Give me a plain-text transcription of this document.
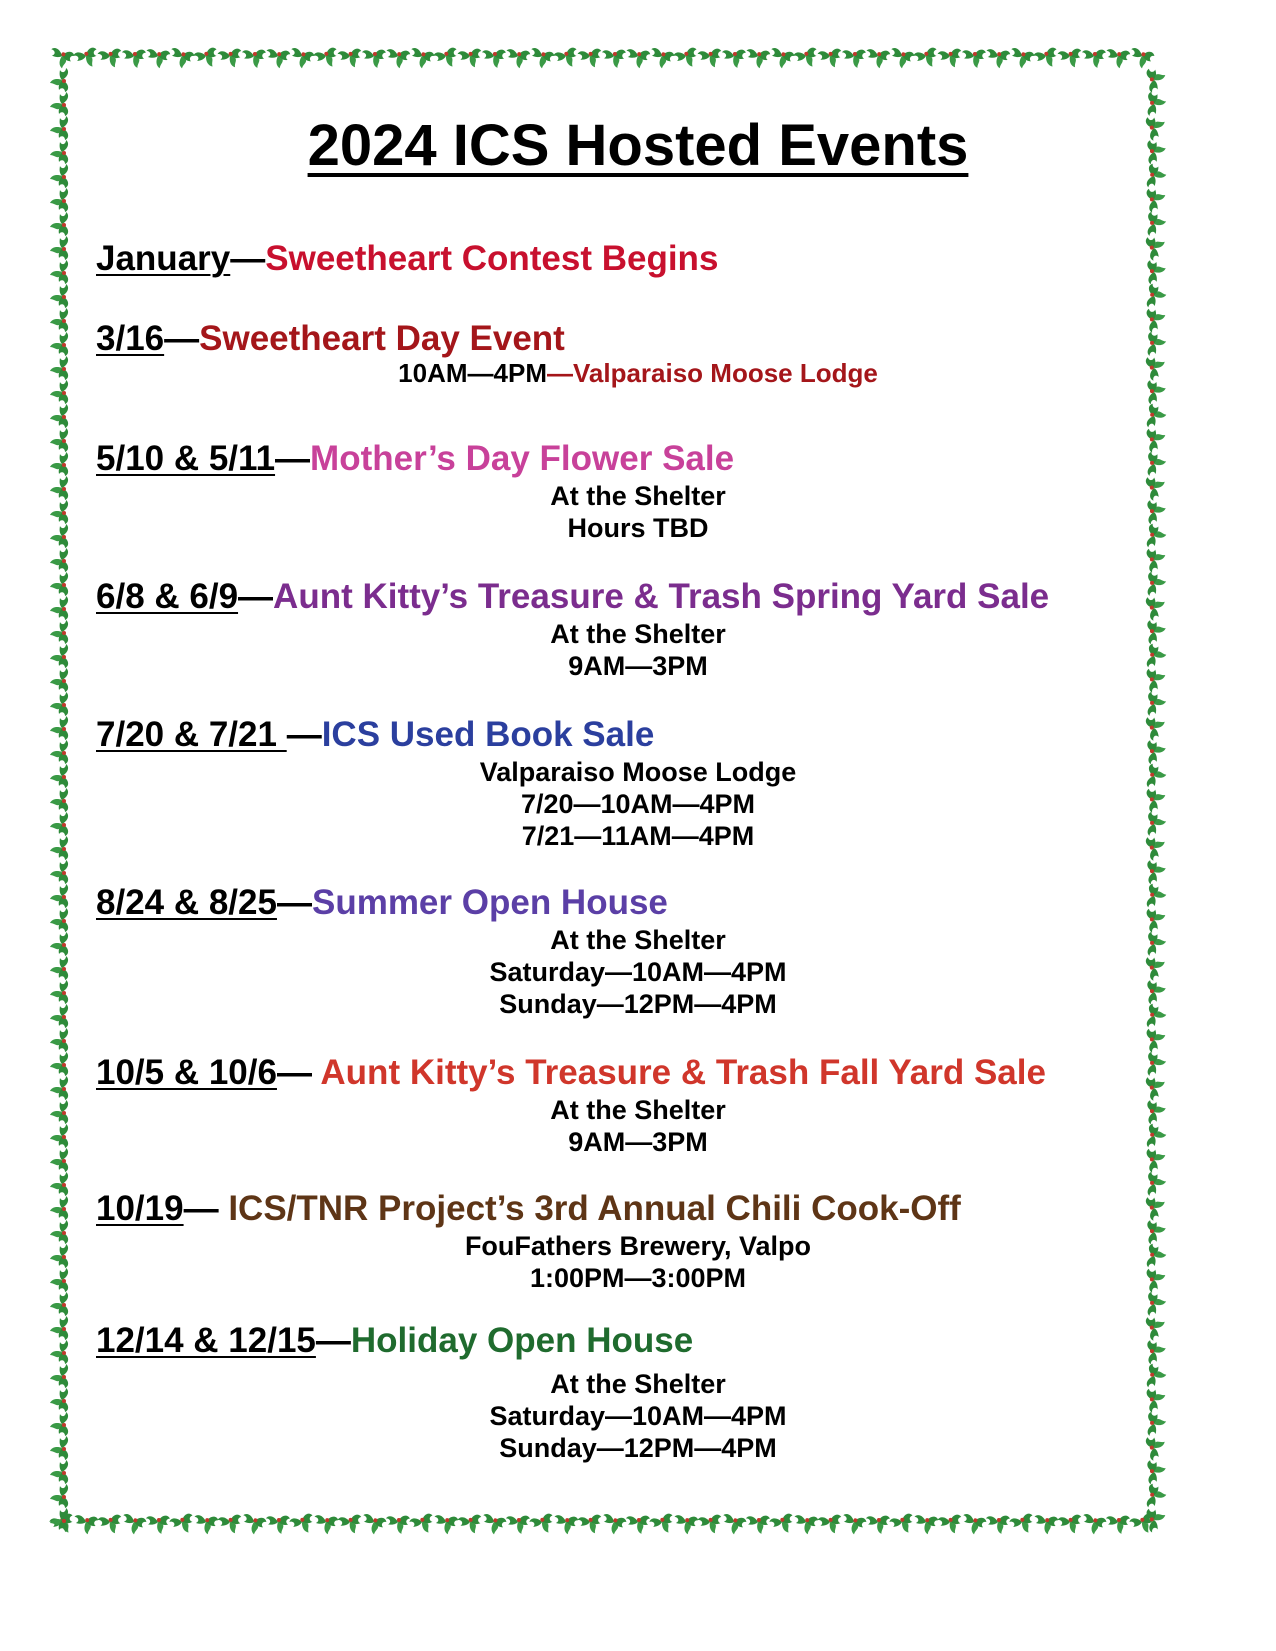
2024 ICS Hosted Events
January—Sweetheart Contest Begins
3/16—Sweetheart Day Event
10AM—4PM—Valparaiso Moose Lodge
5/10 & 5/11—Mother’s Day Flower Sale
At the Shelter
Hours TBD
6/8 & 6/9—Aunt Kitty’s Treasure & Trash Spring Yard Sale
At the Shelter
9AM—3PM
7/20 & 7/21 —ICS Used Book Sale
Valparaiso Moose Lodge
7/20—10AM—4PM
7/21—11AM—4PM
8/24 & 8/25—Summer Open House
At the Shelter
Saturday—10AM—4PM
Sunday—12PM—4PM
10/5 & 10/6— Aunt Kitty’s Treasure & Trash Fall Yard Sale
At the Shelter
9AM—3PM
10/19— ICS/TNR Project’s 3rd Annual Chili Cook-Off
FouFathers Brewery, Valpo
1:00PM—3:00PM
12/14 & 12/15—Holiday Open House
At the Shelter
Saturday—10AM—4PM
Sunday—12PM—4PM
